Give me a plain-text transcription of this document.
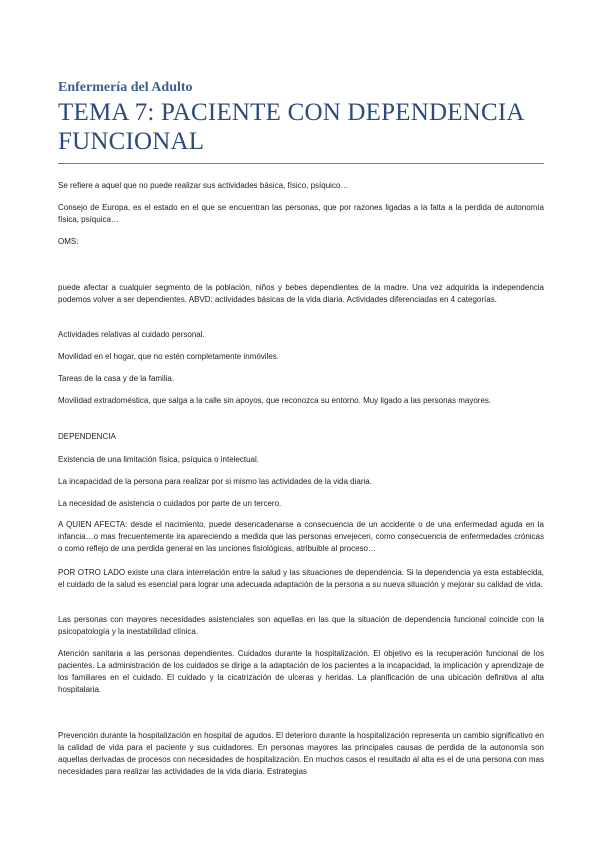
Enfermería del Adulto
TEMA 7: PACIENTE CON DEPENDENCIA FUNCIONAL
Se refiere a aquel que no puede realizar sus actividades básica, físico, psíquico…
Consejo de Europa, es el estado en el que se encuentran las personas, que por razones ligadas a la falta a la perdida de autonomía física, psíquica…
OMS:
puede afectar a cualquier segmento de la población, niños y bebes dependientes de la madre. Una vez adquirida la independencia podemos volver a ser dependientes. ABVD: actividades básicas de la vida diaria. Actividades diferenciadas en 4 categorías.
Actividades relativas al cuidado personal.
Movilidad en el hogar, que no estén completamente inmóviles.
Tareas de la casa y de la familia.
Movilidad extradoméstica, que salga a la calle sin apoyos, que reconozca su entorno. Muy ligado a las personas mayores.
DEPENDENCIA
Existencia de una limitación física, psíquica o intelectual.
La incapacidad de la persona para realizar por si mismo las actividades de la vida diaria.
La necesidad de asistencia o cuidados por parte de un tercero.
A QUIEN AFECTA: desde el nacimiento, puede desencadenarse a consecuencia de un accidente o de una enfermedad aguda en la infancia…o mas frecuentemente ira apareciendo a medida que las personas envejecen, como consecuencia de enfermedades crónicas o como reflejo de una perdida general en las unciones fisiológicas, atribuible al proceso…
POR OTRO LADO existe una clara interrelación entre la salud y las situaciones de dependencia. Si la dependencia ya esta establecida, el cuidado de la salud es esencial para lograr una adecuada adaptación de la persona a su nueva situación y mejorar su calidad de vida.
Las personas con mayores necesidades asistenciales son aquellas en las que la situación de dependencia funcional coincide con la psicopatología y la inestabilidad clínica.
Atención sanitaria a las personas dependientes. Cuidados durante la hospitalización. El objetivo es la recuperación funcional de los pacientes. La administración de los cuidados se dirige a la adaptación de los pacientes a la incapacidad, la implicación y aprendizaje de los familiares en el cuidado. El cuidado y la cicatrización de ulceras y heridas. La planificación de una ubicación definitiva al alta hospitalaria.
Prevención durante la hospitalización en hospital de agudos. El deterioro durante la hospitalización representa un cambio significativo en la calidad de vida para el paciente y sus cuidadores. En personas mayores las principales causas de perdida de la autonomía son aquellas derivadas de procesos con necesidades de hospitalización. En muchos casos el resultado al alta es el de una persona con mas necesidades para realizar las actividades de la vida diaria. Estrategias
